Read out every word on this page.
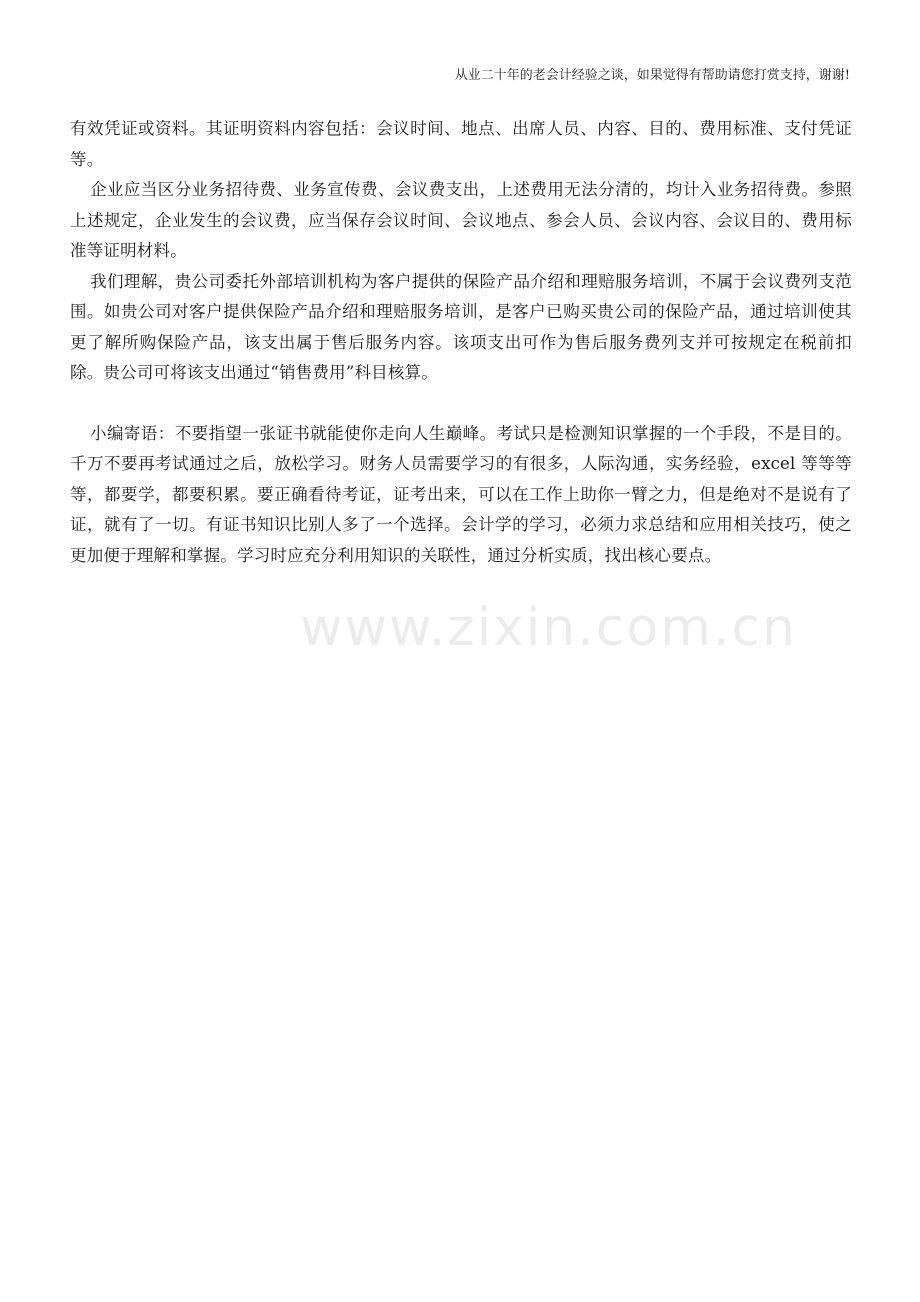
从业二十年的老会计经验之谈，如果觉得有帮助请您打赏支持，谢谢!
www.zixin.com.cn

有效凭证或资料。其证明资料内容包括：会议时间、地点、出席人员、内容、目的、费用标准、支付凭证等。

企业应当区分业务招待费、业务宣传费、会议费支出，上述费用无法分清的，均计入业务招待费。参照上述规定，企业发生的会议费，应当保存会议时间、会议地点、参会人员、会议内容、会议目的、费用标准等证明材料。

我们理解，贵公司委托外部培训机构为客户提供的保险产品介绍和理赔服务培训，不属于会议费列支范围。如贵公司对客户提供保险产品介绍和理赔服务培训，是客户已购买贵公司的保险产品，通过培训使其更了解所购保险产品，该支出属于售后服务内容。该项支出可作为售后服务费列支并可按规定在税前扣除。贵公司可将该支出通过“销售费用”科目核算。

小编寄语：不要指望一张证书就能使你走向人生巅峰。考试只是检测知识掌握的一个手段，不是目的。千万不要再考试通过之后，放松学习。财务人员需要学习的有很多，人际沟通，实务经验，excel 等等等等，都要学，都要积累。要正确看待考证，证考出来，可以在工作上助你一臂之力，但是绝对不是说有了证，就有了一切。有证书知识比别人多了一个选择。会计学的学习，必须力求总结和应用相关技巧，使之更加便于理解和掌握。学习时应充分利用知识的关联性，通过分析实质，找出核心要点。
